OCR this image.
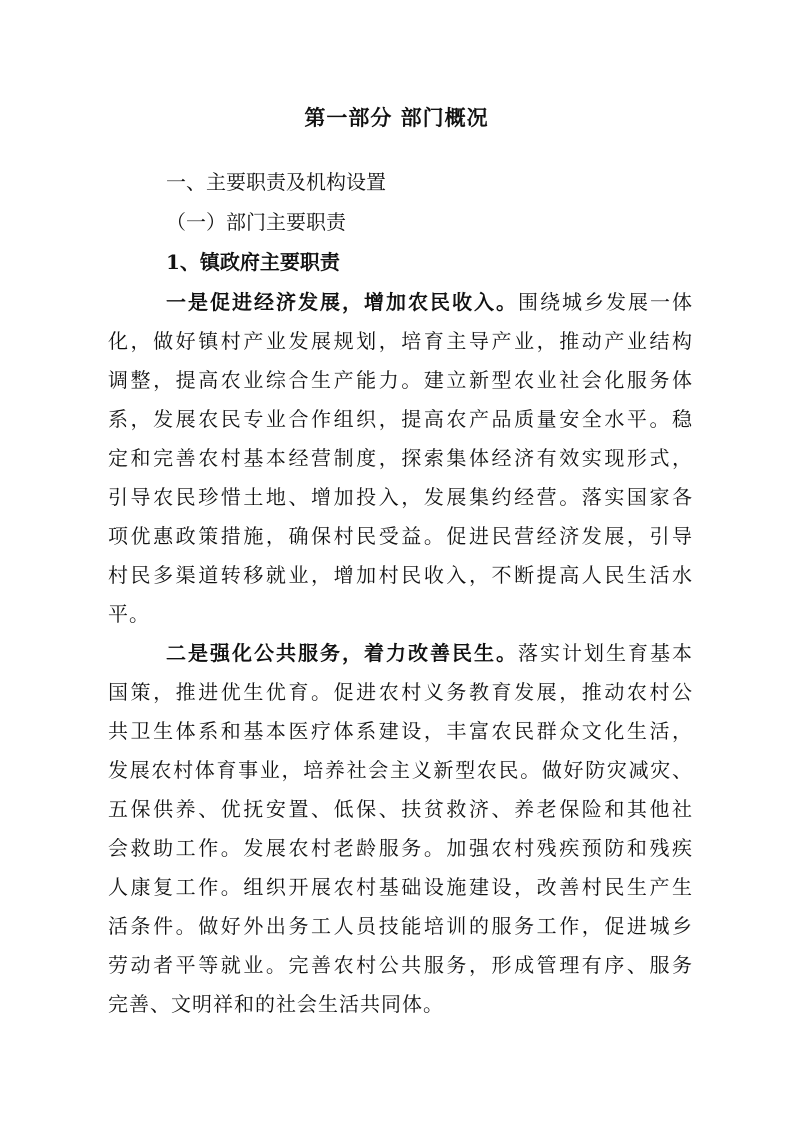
第一部分 部门概况

一、主要职责及机构设置

（一）部门主要职责

1、镇政府主要职责

一是促进经济发展，增加农民收入。围绕城乡发展一体

化，做好镇村产业发展规划，培育主导产业，推动产业结构

调整，提高农业综合生产能力。建立新型农业社会化服务体

系，发展农民专业合作组织，提高农产品质量安全水平。稳

定和完善农村基本经营制度，探索集体经济有效实现形式，

引导农民珍惜土地、增加投入，发展集约经营。落实国家各

项优惠政策措施，确保村民受益。促进民营经济发展，引导

村民多渠道转移就业，增加村民收入，不断提高人民生活水

平。

二是强化公共服务，着力改善民生。落实计划生育基本

国策，推进优生优育。促进农村义务教育发展，推动农村公

共卫生体系和基本医疗体系建设，丰富农民群众文化生活，

发展农村体育事业，培养社会主义新型农民。做好防灾减灾、

五保供养、优抚安置、低保、扶贫救济、养老保险和其他社

会救助工作。发展农村老龄服务。加强农村残疾预防和残疾

人康复工作。组织开展农村基础设施建设，改善村民生产生

活条件。做好外出务工人员技能培训的服务工作，促进城乡

劳动者平等就业。完善农村公共服务，形成管理有序、服务

完善、文明祥和的社会生活共同体。
